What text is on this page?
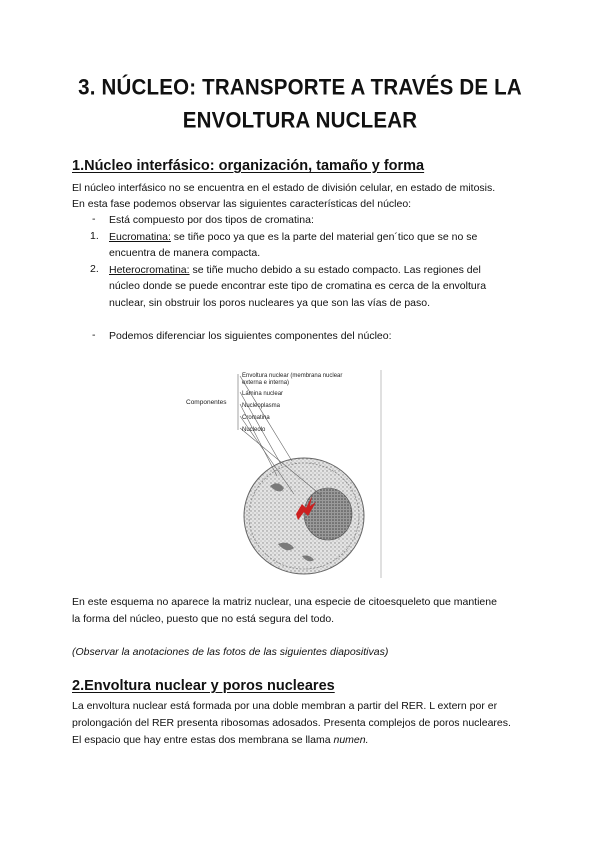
3. NÚCLEO: TRANSPORTE A TRAVÉS DE LA
ENVOLTURA NUCLEAR
1.Núcleo interfásico: organización, tamaño y forma
El núcleo interfásico no se encuentra en el estado de división celular, en estado de mitosis.
En esta fase podemos observar las siguientes características del núcleo:
- Está compuesto por dos tipos de cromatina:
1. Eucromatina: se tiñe poco ya que es la parte del material gen´tico que se no se
encuentra de manera compacta.
2. Heterocromatina: se tiñe mucho debido a su estado compacto. Las regiones del
núcleo donde se puede encontrar este tipo de cromatina es cerca de la envoltura
nuclear, sin obstruir los poros nucleares ya que son las vías de paso.
- Podemos diferenciar los siguientes componentes del núcleo:
Componentes
Envoltura nuclear (membrana nuclear
externa e interna)
Lámina nuclear
Nucleoplasma
Cromatina
Nucleolo
En este esquema no aparece la matriz nuclear, una especie de citoesqueleto que mantiene
la forma del núcleo, puesto que no está segura del todo.
(Observar la anotaciones de las fotos de las siguientes diapositivas)
2.Envoltura nuclear y poros nucleares
La envoltura nuclear está formada por una doble membran a partir del RER. L extern por er
prolongación del RER presenta ribosomas adosados. Presenta complejos de poros nucleares.
El espacio que hay entre estas dos membrana se llama numen.
